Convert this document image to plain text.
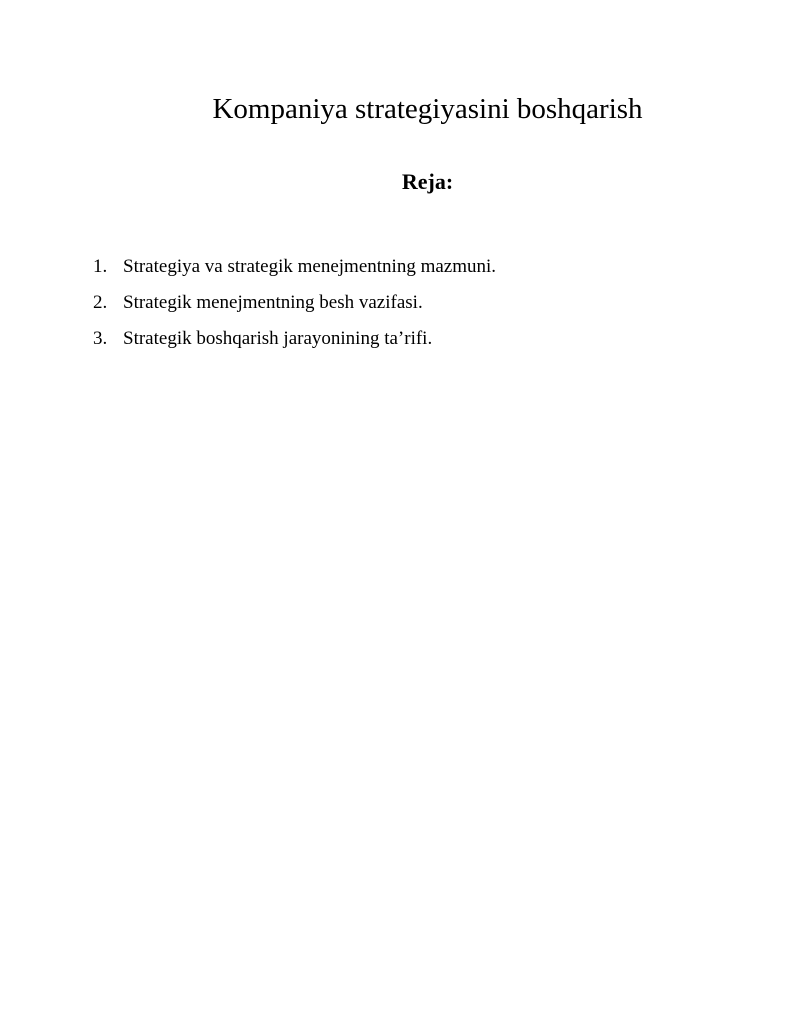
Kompaniya strategiyasini boshqarish
Reja:
1. Strategiya va strategik menejmentning mazmuni.
2. Strategik menejmentning besh vazifasi.
3. Strategik boshqarish jarayonining ta’rifi.
